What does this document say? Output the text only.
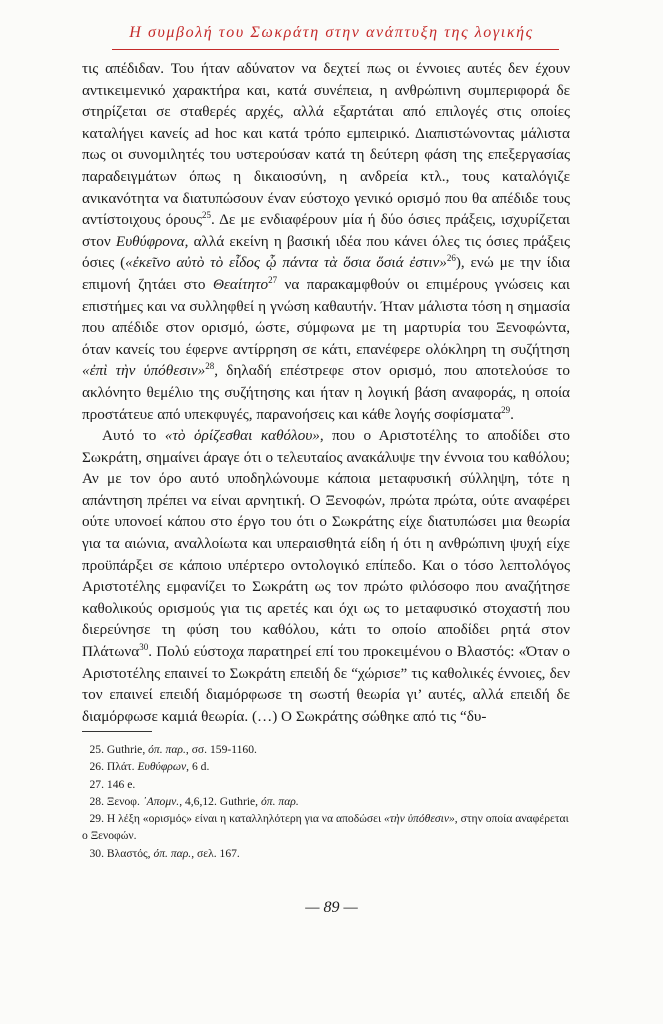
Η συμβολή του Σωκράτη στην ανάπτυξη της λογικής

τις απέδιδαν. Του ήταν αδύνατον να δεχτεί πως οι έννοιες αυτές δεν έχουν αντικειμενικό χαρακτήρα και, κατά συνέπεια, η ανθρώπινη συμπεριφορά δε στηρίζεται σε σταθερές αρχές, αλλά εξαρτάται από επιλογές στις οποίες καταλήγει κανείς ad hoc και κατά τρόπο εμπειρικό. Διαπιστώνοντας μάλιστα πως οι συνομιλητές του υστερούσαν κατά τη δεύτερη φάση της επεξεργασίας παραδειγμάτων όπως η δικαιοσύνη, η ανδρεία κτλ., τους καταλόγιζε ανικανότητα να διατυπώσουν έναν εύστοχο γενικό ορισμό που θα απέδιδε τους αντίστοιχους όρους$^{25}$. Δε με ενδιαφέρουν μία ή δύο όσιες πράξεις, ισχυρίζεται στον Ευθύφρονα, αλλά εκείνη η βασική ιδέα που κάνει όλες τις όσιες πράξεις όσιες («ἐκεῖνο αὐτὸ τὸ εἶδος ᾧ πάντα τὰ ὅσια ὅσιά ἐστιν»$^{26}$), ενώ με την ίδια επιμονή ζητάει στο Θεαίτητο$^{27}$ να παρακαμφθούν οι επιμέρους γνώσεις και επιστήμες και να συλληφθεί η γνώση καθαυτήν. Ήταν μάλιστα τόση η σημασία που απέδιδε στον ορισμό, ώστε, σύμφωνα με τη μαρτυρία του Ξενοφώντα, όταν κανείς του έφερνε αντίρρηση σε κάτι, επανέφερε ολόκληρη τη συζήτηση «ἐπὶ τὴν ὑπόθεσιν»$^{28}$, δηλαδή επέστρεφε στον ορισμό, που αποτελούσε το ακλόνητο θεμέλιο της συζήτησης και ήταν η λογική βάση αναφοράς, η οποία προστάτευε από υπεκφυγές, παρανοήσεις και κάθε λογής σοφίσματα$^{29}$.

Αυτό το «τὸ ὁρίζεσθαι καθόλου», που ο Αριστοτέλης το αποδίδει στο Σωκράτη, σημαίνει άραγε ότι ο τελευταίος ανακάλυψε την έννοια του καθόλου; Αν με τον όρο αυτό υποδηλώνουμε κάποια μεταφυσική σύλληψη, τότε η απάντηση πρέπει να είναι αρνητική. Ο Ξενοφών, πρώτα πρώτα, ούτε αναφέρει ούτε υπονοεί κάπου στο έργο του ότι ο Σωκράτης είχε διατυπώσει μια θεωρία για τα αιώνια, αναλλοίωτα και υπεραισθητά είδη ή ότι η ανθρώπινη ψυχή είχε προϋπάρξει σε κάποιο υπέρτερο οντολογικό επίπεδο. Και ο τόσο λεπτολόγος Αριστοτέλης εμφανίζει το Σωκράτη ως τον πρώτο φιλόσοφο που αναζήτησε καθολικούς ορισμούς για τις αρετές και όχι ως το μεταφυσικό στοχαστή που διερεύνησε τη φύση του καθόλου, κάτι το οποίο αποδίδει ρητά στον Πλάτωνα$^{30}$. Πολύ εύστοχα παρατηρεί επί του προκειμένου ο Βλαστός: «Όταν ο Αριστοτέλης επαινεί το Σωκράτη επειδή δε “χώρισε” τις καθολικές έννοιες, δεν τον επαινεί επειδή διαμόρφωσε τη σωστή θεωρία γι’ αυτές, αλλά επειδή δε διαμόρφωσε καμιά θεωρία. (…) Ο Σωκράτης σώθηκε από τις “δυ-

25. Guthrie, όπ. παρ., σσ. 159-1160.
26. Πλάτ. Ευθύφρων, 6 d.
27. 146 e.
28. Ξενοφ. ᾿Απομν., 4,6,12. Guthrie, όπ. παρ.
29. Η λέξη «ορισμός» είναι η καταλληλότερη για να αποδώσει «τὴν ὑπόθεσιν», στην οποία αναφέρεται ο Ξενοφών.
30. Βλαστός, όπ. παρ., σελ. 167.
— 89 —
